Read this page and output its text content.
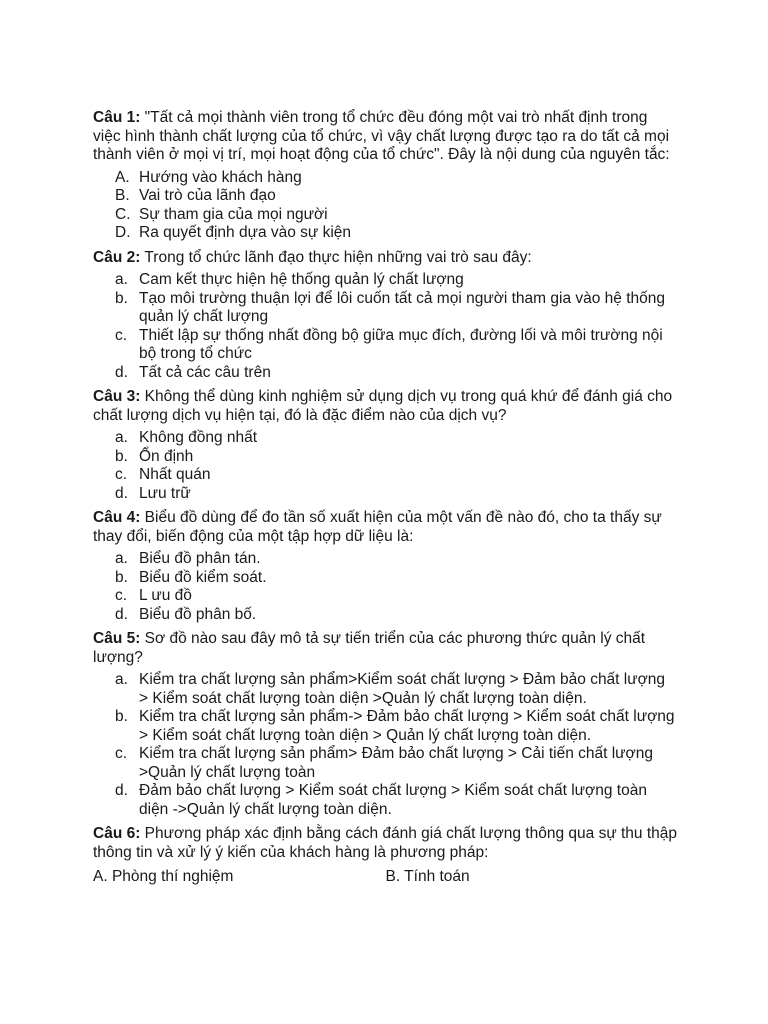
Câu 1: "Tất cả mọi thành viên trong tổ chức đều đóng một vai trò nhất định trong việc hình thành chất lượng của tổ chức, vì vậy chất lượng được tạo ra do tất cả mọi thành viên ở mọi vị trí, mọi hoạt động của tổ chức". Đây là nội dung của nguyên tắc:

A. Hướng vào khách hàng
B. Vai trò của lãnh đạo
C. Sự tham gia của mọi người
D. Ra quyết định dựa vào sự kiện

Câu 2: Trong tổ chức lãnh đạo thực hiện những vai trò sau đây:

a. Cam kết thực hiện hệ thống quản lý chất lượng
b. Tạo môi trường thuận lợi để lôi cuốn tất cả mọi người tham gia vào hệ thống quản lý chất lượng
c. Thiết lập sự thống nhất đồng bộ giữa mục đích, đường lối và môi trường nội bộ trong tổ chức
d. Tất cả các câu trên

Câu 3: Không thể dùng kinh nghiệm sử dụng dịch vụ trong quá khứ để đánh giá cho chất lượng dịch vụ hiện tại, đó là đặc điểm nào của dịch vụ?

a. Không đồng nhất
b. Ổn định
c. Nhất quán
d. Lưu trữ

Câu 4: Biểu đồ dùng để đo tần số xuất hiện của một vấn đề nào đó, cho ta thấy sự thay đổi, biến động của một tập hợp dữ liệu là:

a. Biểu đồ phân tán.
b. Biểu đồ kiểm soát.
c. L ưu đồ
d. Biểu đồ phân bố.

Câu 5: Sơ đồ nào sau đây mô tả sự tiến triển của các phương thức quản lý chất lượng?

a. Kiểm tra chất lượng sản phẩm>Kiểm soát chất lượng > Đảm bảo chất lượng > Kiểm soát chất lượng toàn diện >Quản lý chất lượng toàn diện.
b. Kiểm tra chất lượng sản phẩm-> Đảm bảo chất lượng > Kiểm soát chất lượng > Kiểm soát chất lượng toàn diện > Quản lý chất lượng toàn diện.
c. Kiểm tra chất lượng sản phẩm> Đảm bảo chất lượng > Cải tiến chất lượng >Quản lý chất lượng toàn
d. Đảm bảo chất lượng > Kiểm soát chất lượng > Kiểm soát chất lượng toàn diện ->Quản lý chất lượng toàn diện.

Câu 6: Phương pháp xác định bằng cách đánh giá chất lượng thông qua sự thu thập thông tin và xử lý ý kiến của khách hàng là phương pháp:

A. Phòng thí nghiệm	B. Tính toán
